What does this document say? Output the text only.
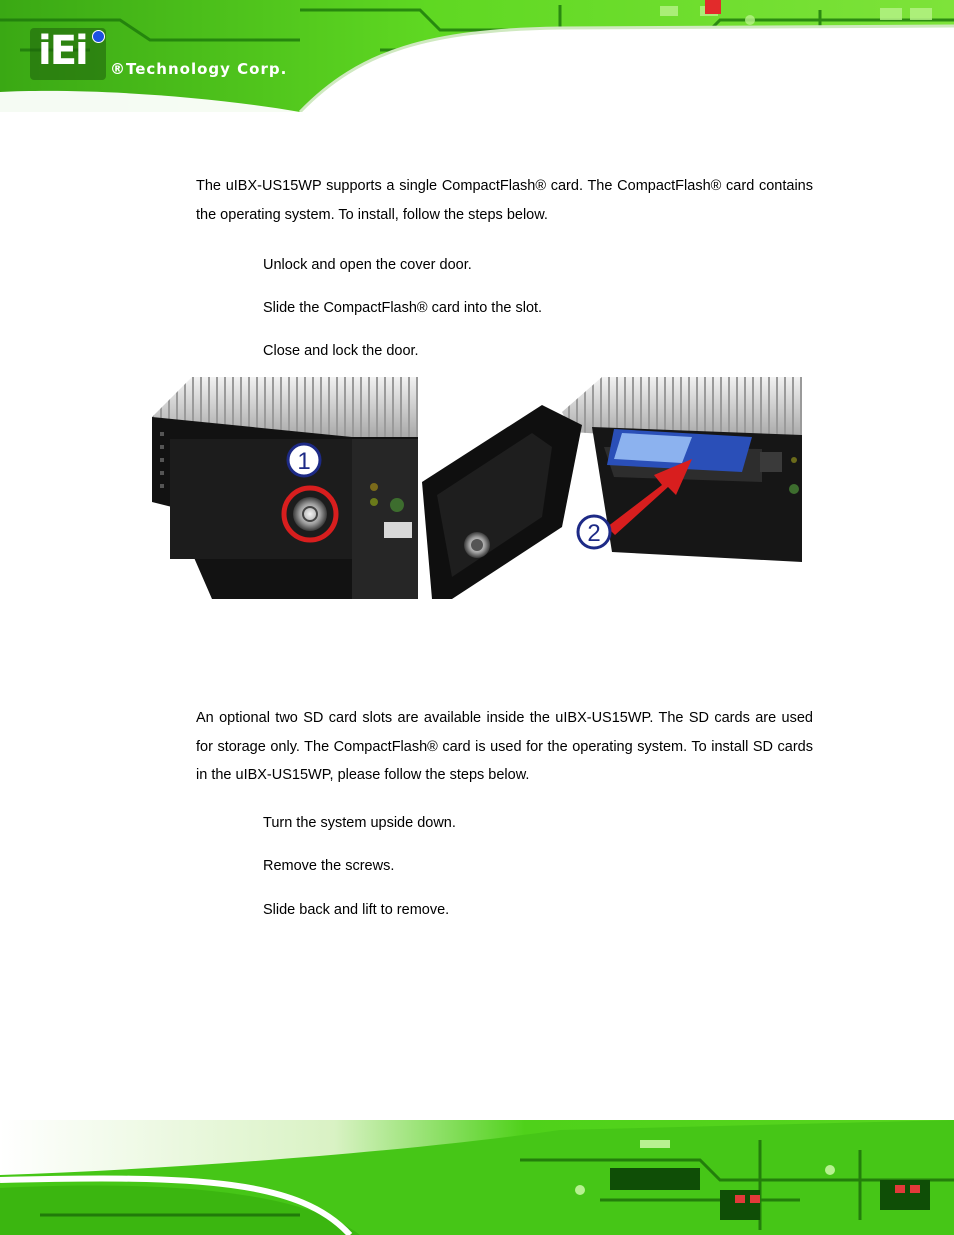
iEi ®Technology Corp.

The uIBX-US15WP supports a single CompactFlash® card. The CompactFlash® card contains the operating system. To install, follow the steps below.

Unlock and open the cover door.
Slide the CompactFlash® card into the slot.
Close and lock the door.
1
2

An optional two SD card slots are available inside the uIBX-US15WP. The SD cards are used for storage only. The CompactFlash® card is used for the operating system. To install SD cards in the uIBX-US15WP, please follow the steps below.

Turn the system upside down.
Remove the screws.
Slide back and lift to remove.
